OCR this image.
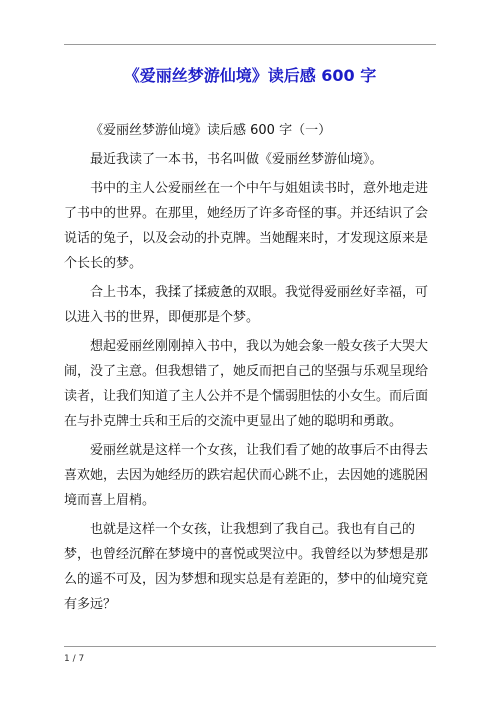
《爱丽丝梦游仙境》读后感 600 字

《爱丽丝梦游仙境》读后感 600 字（一）

最近我读了一本书，书名叫做《爱丽丝梦游仙境》。

书中的主人公爱丽丝在一个中午与姐姐读书时，意外地走进了书中的世界。在那里，她经历了许多奇怪的事。并还结识了会说话的兔子，以及会动的扑克牌。当她醒来时，才发现这原来是个长长的梦。

合上书本，我揉了揉疲惫的双眼。我觉得爱丽丝好幸福，可以进入书的世界，即便那是个梦。

想起爱丽丝刚刚掉入书中，我以为她会象一般女孩子大哭大闹，没了主意。但我想错了，她反而把自己的坚强与乐观呈现给读者，让我们知道了主人公并不是个懦弱胆怯的小女生。而后面在与扑克牌士兵和王后的交流中更显出了她的聪明和勇敢。

爱丽丝就是这样一个女孩，让我们看了她的故事后不由得去喜欢她，去因为她经历的跌宕起伏而心跳不止，去因她的逃脱困境而喜上眉梢。

也就是这样一个女孩，让我想到了我自己。我也有自己的梦，也曾经沉醉在梦境中的喜悦或哭泣中。我曾经以为梦想是那么的遥不可及，因为梦想和现实总是有差距的，梦中的仙境究竟有多远？

1 / 7
